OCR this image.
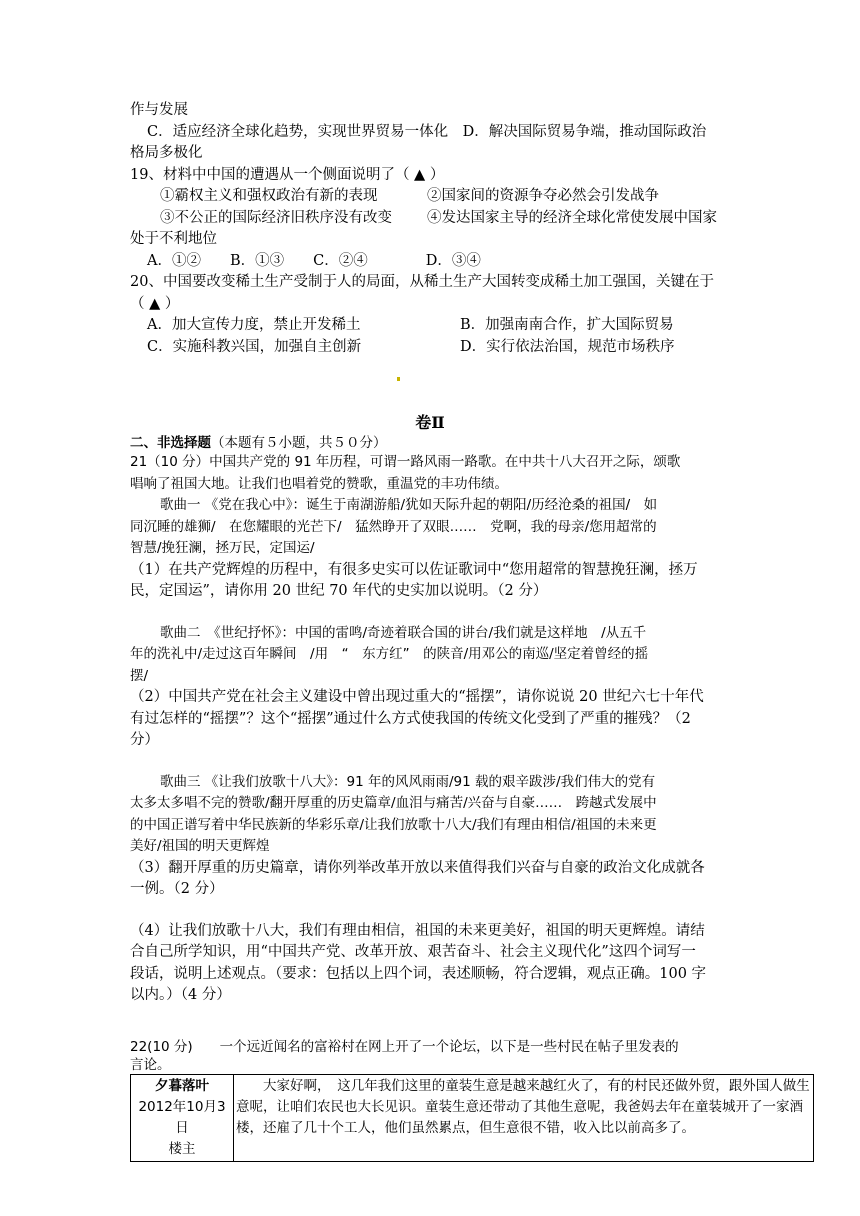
作与发展
C．适应经济全球化趋势，实现世界贸易一体化　 D．解决国际贸易争端，推动国际政治
格局多极化
19、材料中中国的遭遇从一个侧面说明了（ ▲ ）
①霸权主义和强权政治有新的表现	②国家间的资源争夺必然会引发战争
③不公正的国际经济旧秩序没有改变	④发达国家主导的经济全球化常使发展中国家
处于不利地位
A．①②　　B．①③　　C．②④　　　　D．③④
20、中国要改变稀土生产受制于人的局面，从稀土生产大国转变成稀土加工强国，关键在于
（ ▲ ）
A．加大宣传力度，禁止开发稀土	B．加强南南合作，扩大国际贸易
C．实施科教兴国，加强自主创新	D．实行依法治国，规范市场秩序
卷Ⅱ
二、非选择题（本题有５小题，共５０分）
21（10 分）中国共产党的 91 年历程，可谓一路风雨一路歌。在中共十八大召开之际，颂歌
唱响了祖国大地。让我们也唱着党的赞歌，重温党的丰功伟绩。
歌曲一 《党在我心中》：诞生于南湖游船/犹如天际升起的朝阳/历经沧桑的祖国/　如
同沉睡的雄狮/　在您耀眼的光芒下/　猛然睁开了双眼……　党啊，我的母亲/您用超常的
智慧/挽狂澜，拯万民，定国运/
（1）在共产党辉煌的历程中，有很多史实可以佐证歌词中“您用超常的智慧挽狂澜，拯万
民，定国运”，请你用 20 世纪 70 年代的史实加以说明。（2 分）
歌曲二　《世纪抒怀》：中国的雷鸣/奇迹着联合国的讲台/我们就是这样地　/从五千
年的洗礼中/走过这百年瞬间　/用　“　东方红”　的陕音/用邓公的南巡/坚定着曾经的摇
摆/
（2）中国共产党在社会主义建设中曾出现过重大的“摇摆”，请你说说 20 世纪六七十年代
有过怎样的“摇摆”？这个“摇摆”通过什么方式使我国的传统文化受到了严重的摧残？（2
分）
歌曲三 《让我们放歌十八大》：91 年的风风雨雨/91 载的艰辛跋涉/我们伟大的党有
太多太多唱不完的赞歌/翻开厚重的历史篇章/血泪与痛苦/兴奋与自豪……　跨越式发展中
的中国正谱写着中华民族新的华彩乐章/让我们放歌十八大/我们有理由相信/祖国的未来更
美好/祖国的明天更辉煌
（3）翻开厚重的历史篇章，请你列举改革开放以来值得我们兴奋与自豪的政治文化成就各
一例。（2 分）
（4）让我们放歌十八大，我们有理由相信，祖国的未来更美好，祖国的明天更辉煌。请结
合自己所学知识，用“中国共产党、改革开放、艰苦奋斗、社会主义现代化”这四个词写一
段话，说明上述观点。（要求：包括以上四个词，表述顺畅，符合逻辑，观点正确。100 字
以内。）（4 分）
22(10 分)　　一个远近闻名的富裕村在网上开了一个论坛，以下是一些村民在帖子里发表的
言论。
夕暮落叶
2012年10月3日
楼主
	　　大家好啊，　这几年我们这里的童装生意是越来越红火了，有的村民还做外贸，跟外国人做生意呢，让咱们农民也大长见识。童装生意还带动了其他生意呢，我爸妈去年在童装城开了一家酒楼，还雇了几十个工人，他们虽然累点，但生意很不错，收入比以前高多了。
